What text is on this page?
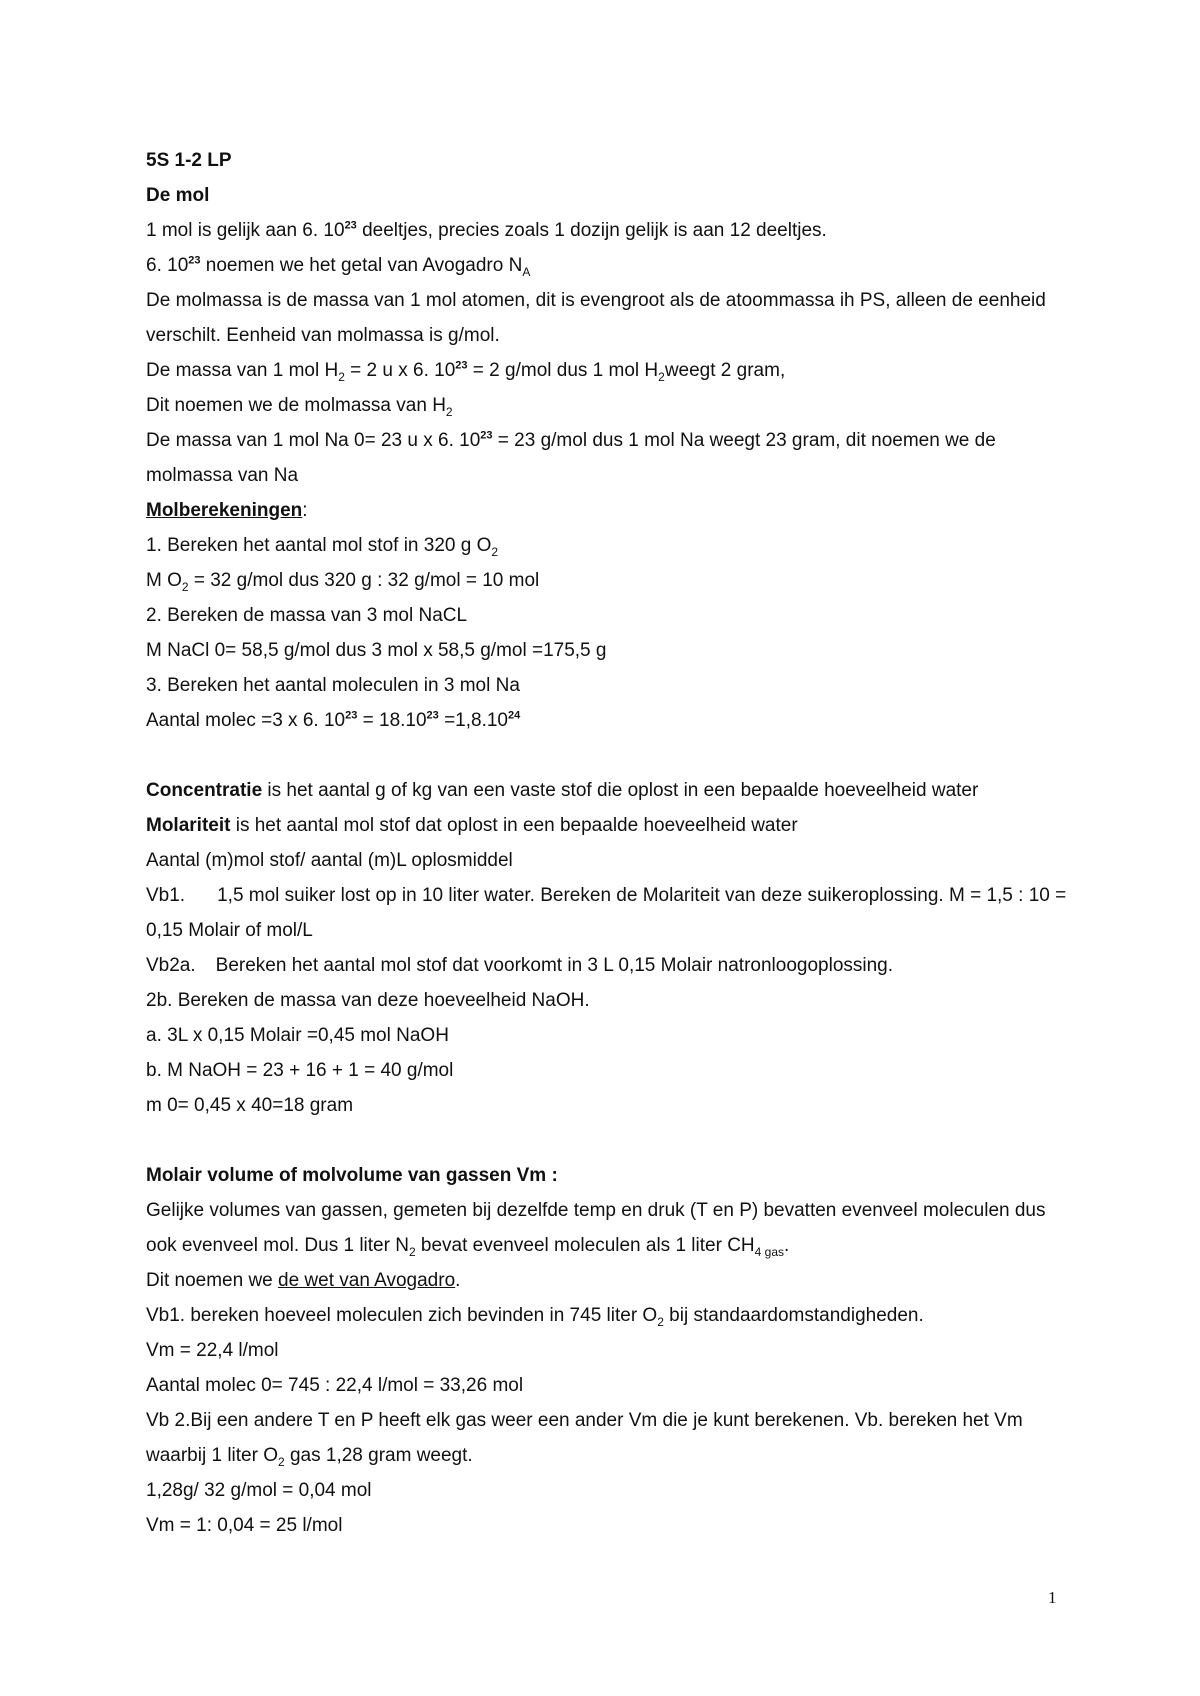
5S 1-2 LP
De mol
1 mol is gelijk aan 6. $10^{23}$ deeltjes, precies zoals 1 dozijn gelijk is aan 12 deeltjes.
6. $10^{23}$ noemen we het getal van Avogadro $N_A$
De molmassa is de massa van 1 mol atomen, dit is evengroot als de atoommassa ih PS, alleen de eenheid verschilt. Eenheid van molmassa is g/mol.
De massa van 1 mol $H_2 = 2$ u x 6. $10^{23} = 2$ g/mol dus 1 mol $H_2weegt$ 2 gram,
Dit noemen we de molmassa van $H_2$
De massa van 1 mol Na 0= 23 u x 6. $10^{23} = 23$ g/mol dus 1 mol Na weegt 23 gram, dit noemen we de molmassa van Na
Molberekeningen:
1. Bereken het aantal mol stof in 320 g $O_2$
M $O_2 = 32$ g/mol dus 320 g : 32 g/mol = 10 mol
2. Bereken de massa van 3 mol NaCL
M NaCl 0= 58,5 g/mol dus 3 mol x 58,5 g/mol =175,5 g
3. Bereken het aantal moleculen in 3 mol Na
Aantal molec =3 x 6. $10^{23} = 18.10^{23} =1,8.10^{24}$
Concentratie is het aantal g of kg van een vaste stof die oplost in een bepaalde hoeveelheid water
Molariteit is het aantal mol stof dat oplost in een bepaalde hoeveelheid water
Aantal (m)mol stof/ aantal (m)L oplosmiddel
Vb1. 1,5 mol suiker lost op in 10 liter water. Bereken de Molariteit van deze suikeroplossing. M = 1,5 : 10 = 0,15 Molair of mol/L
Vb2a. Bereken het aantal mol stof dat voorkomt in 3 L 0,15 Molair natronloogoplossing.
2b. Bereken de massa van deze hoeveelheid NaOH.
a. 3L x 0,15 Molair =0,45 mol NaOH
b. M NaOH = 23 + 16 + 1 = 40 g/mol
m 0= 0,45 x 40=18 gram
Molair volume of molvolume van gassen Vm :
Gelijke volumes van gassen, gemeten bij dezelfde temp en druk (T en P) bevatten evenveel moleculen dus ook evenveel mol. Dus 1 liter $N_2$ bevat evenveel moleculen als 1 liter $CH_{4 gas}$.
Dit noemen we de wet van Avogadro.
Vb1. bereken hoeveel moleculen zich bevinden in 745 liter $O_2$ bij standaardomstandigheden.
Vm = 22,4 l/mol
Aantal molec 0= 745 : 22,4 l/mol = 33,26 mol
Vb 2.Bij een andere T en P heeft elk gas weer een ander Vm die je kunt berekenen. Vb. bereken het Vm waarbij 1 liter $O_2$ gas 1,28 gram weegt.
1,28g/ 32 g/mol = 0,04 mol
Vm = 1: 0,04 = 25 l/mol
1
